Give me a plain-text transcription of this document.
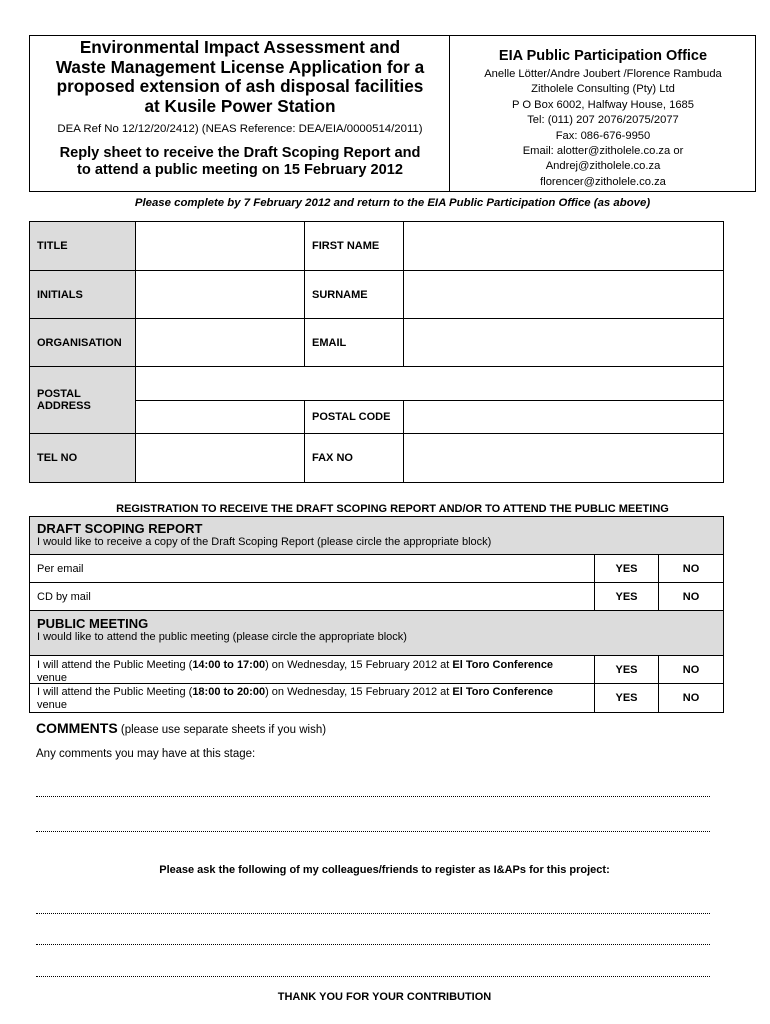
Environmental Impact Assessment and
Waste Management License Application for a
proposed extension of ash disposal facilities
at Kusile Power Station
DEA Ref No 12/12/20/2412) (NEAS Reference: DEA/EIA/0000514/2011)
Reply sheet to receive the Draft Scoping Report and
to attend a public meeting on 15 February 2012
EIA Public Participation Office
Anelle Lötter/Andre Joubert /Florence Rambuda
Zitholele Consulting (Pty) Ltd
P O Box 6002, Halfway House, 1685
Tel: (011) 207 2076/2075/2077
Fax: 086-676-9950
Email: alotter@zitholele.co.za or
Andrej@zitholele.co.za
florencer@zitholele.co.za
Please complete by 7 February 2012 and return to the EIA Public Participation Office (as above)
TITLE	FIRST NAME
INITIALS	SURNAME
ORGANISATION	EMAIL
POSTAL
ADDRESS
POSTAL CODE
TEL NO	FAX NO
REGISTRATION TO RECEIVE THE DRAFT SCOPING REPORT AND/OR TO ATTEND THE PUBLIC MEETING
DRAFT SCOPING REPORT
I would like to receive a copy of the Draft Scoping Report (please circle the appropriate block)
Per email	YES	NO
CD by mail	YES	NO
PUBLIC MEETING
I would like to attend the public meeting (please circle the appropriate block)
I will attend the Public Meeting (14:00 to 17:00) on Wednesday, 15 February 2012 at El Toro Conference
venue
YES	NO
I will attend the Public Meeting (18:00 to 20:00) on Wednesday, 15 February 2012 at El Toro Conference
venue
YES	NO
COMMENTS (please use separate sheets if you wish)
Any comments you may have at this stage:
Please ask the following of my colleagues/friends to register as I&APs for this project:
THANK YOU FOR YOUR CONTRIBUTION
